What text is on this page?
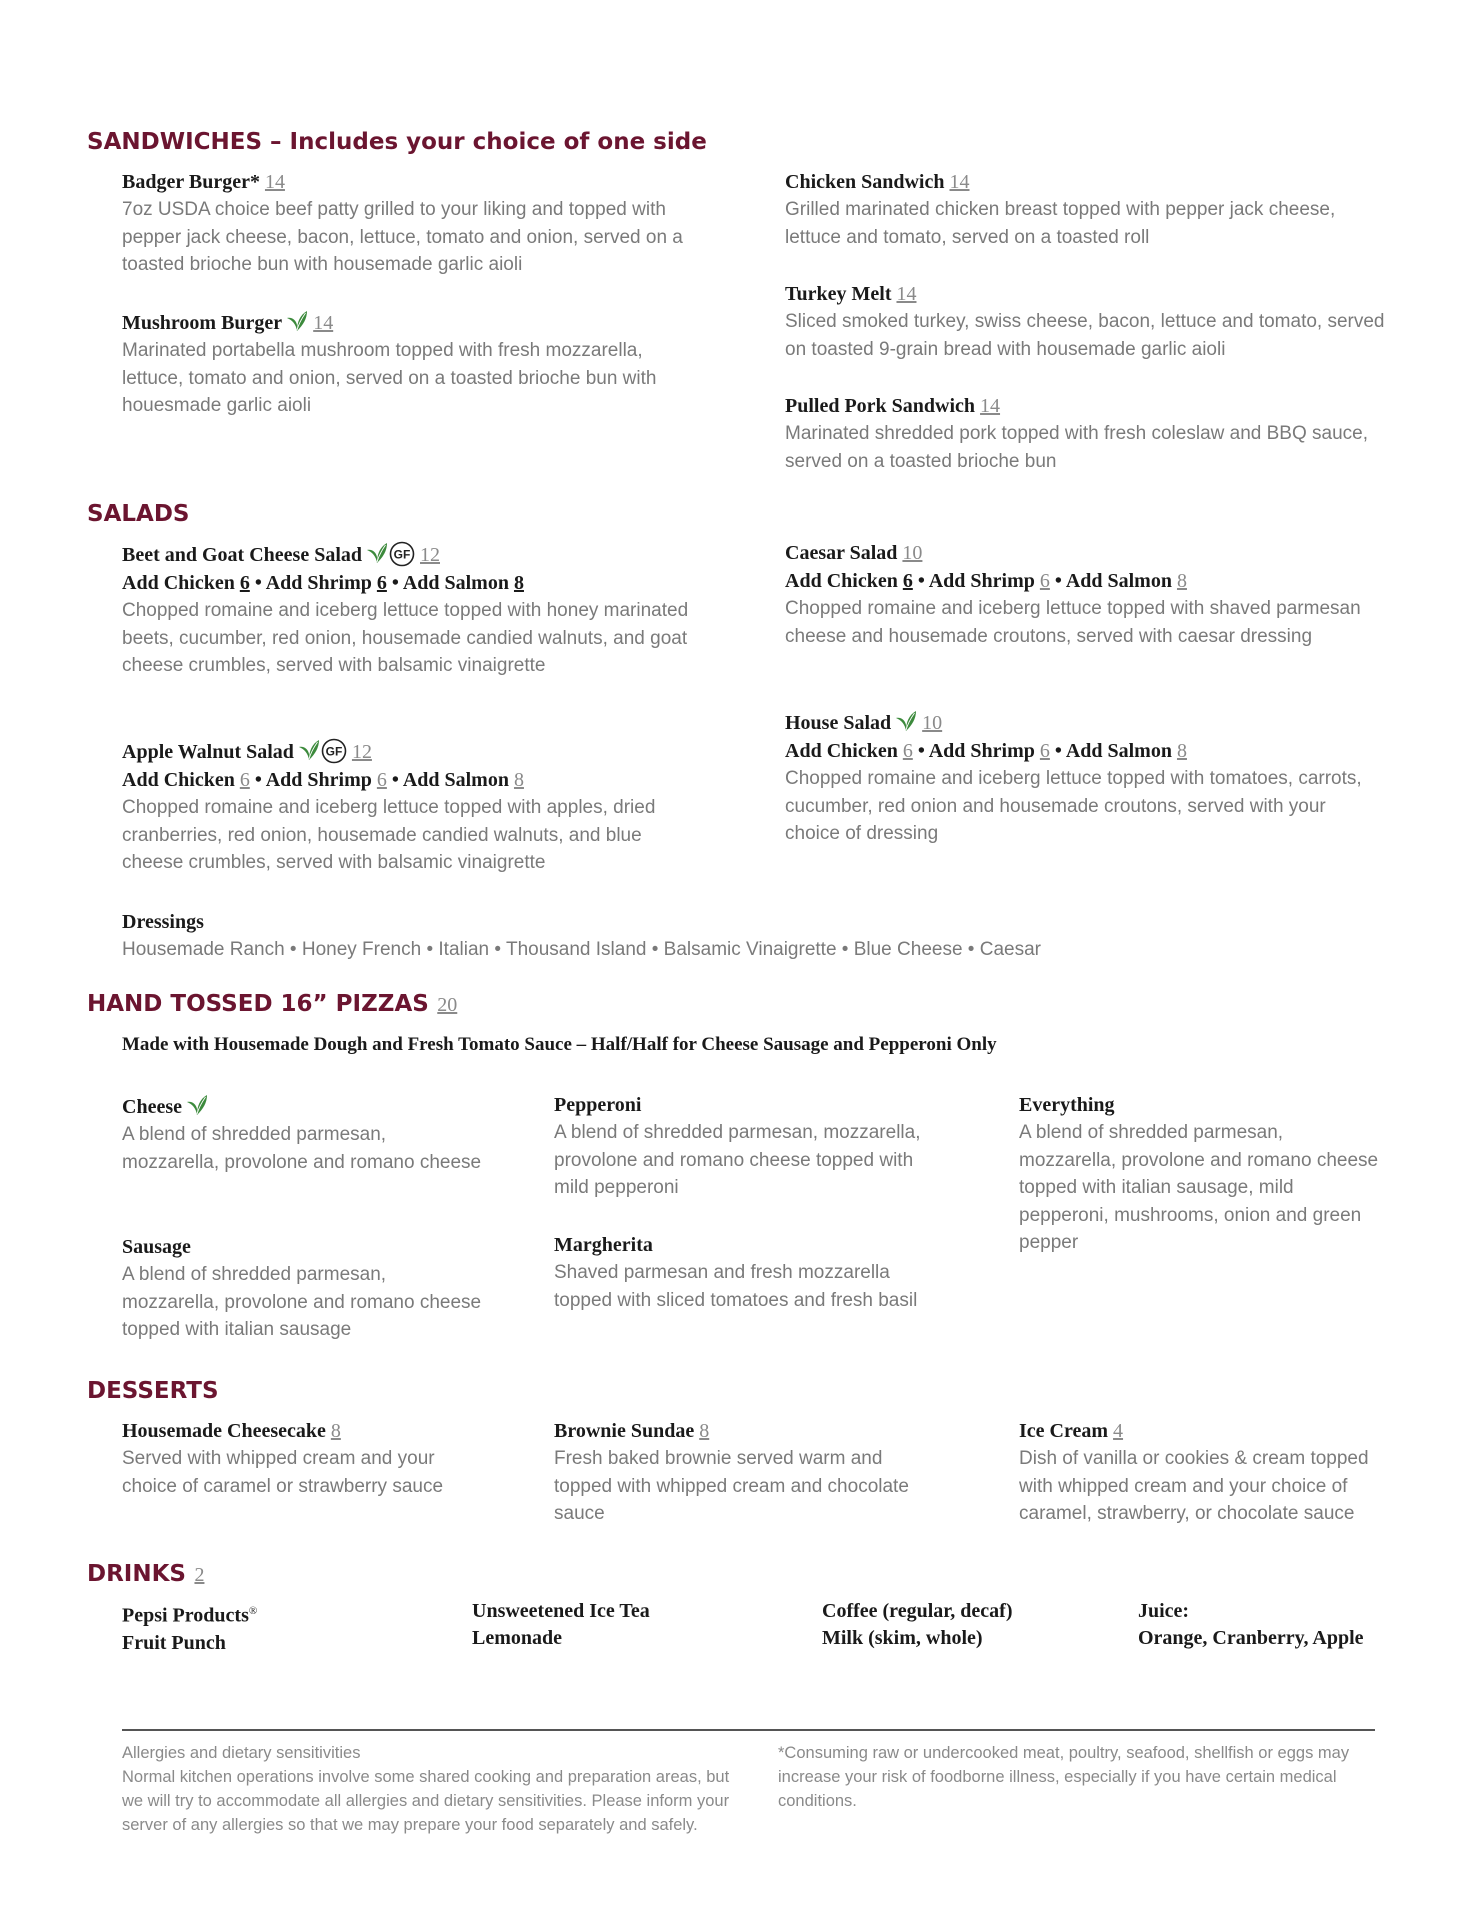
SANDWICHES – Includes your choice of one side
Badger Burger* 14

7oz USDA choice beef patty grilled to your liking and topped with pepper jack cheese, bacon, lettuce, tomato and onion, served on a toasted brioche bun with housemade garlic aioli

Mushroom Burger 14

Marinated portabella mushroom topped with fresh mozzarella, lettuce, tomato and onion, served on a toasted brioche bun with houesmade garlic aioli

Chicken Sandwich 14

Grilled marinated chicken breast topped with pepper jack cheese, lettuce and tomato, served on a toasted roll

Turkey Melt 14

Sliced smoked turkey, swiss cheese, bacon, lettuce and tomato, served on toasted 9-grain bread with housemade garlic aioli

Pulled Pork Sandwich 14

Marinated shredded pork topped with fresh coleslaw and BBQ sauce, served on a toasted brioche bun

SALADS
Beet and Goat Cheese Salad	GF 12
Add Chicken 6 • Add Shrimp 6 • Add Salmon 8

Chopped romaine and iceberg lettuce topped with honey marinated beets, cucumber, red onion, housemade candied walnuts, and goat cheese crumbles, served with balsamic vinaigrette

Apple Walnut Salad	GF 12
Add Chicken 6 • Add Shrimp 6 • Add Salmon 8

Chopped romaine and iceberg lettuce topped with apples, dried cranberries, red onion, housemade candied walnuts, and blue cheese crumbles, served with balsamic vinaigrette

Caesar Salad 10
Add Chicken 6 • Add Shrimp 6 • Add Salmon 8

Chopped romaine and iceberg lettuce topped with shaved parmesan cheese and housemade croutons, served with caesar dressing

House Salad 10
Add Chicken 6 • Add Shrimp 6 • Add Salmon 8

Chopped romaine and iceberg lettuce topped with tomatoes, carrots, cucumber, red onion and housemade croutons, served with your choice of dressing

Dressings

Housemade Ranch • Honey French • Italian • Thousand Island • Balsamic Vinaigrette • Blue Cheese • Caesar

HAND TOSSED 16” PIZZAS 20
Made with Housemade Dough and Fresh Tomato Sauce – Half/Half for Cheese Sausage and Pepperoni Only
Cheese

A blend of shredded parmesan, mozzarella, provolone and romano cheese

Sausage

A blend of shredded parmesan, mozzarella, provolone and romano cheese topped with italian sausage

Pepperoni

A blend of shredded parmesan, mozzarella, provolone and romano cheese topped with mild pepperoni

Margherita

Shaved parmesan and fresh mozzarella topped with sliced tomatoes and fresh basil

Everything

A blend of shredded parmesan, mozzarella, provolone and romano cheese topped with italian sausage, mild pepperoni, mushrooms, onion and green pepper

DESSERTS
Housemade Cheesecake 8

Served with whipped cream and your choice of caramel or strawberry sauce

Brownie Sundae 8

Fresh baked brownie served warm and topped with whipped cream and chocolate sauce

Ice Cream 4

Dish of vanilla or cookies & cream topped with whipped cream and your choice of caramel, strawberry, or chocolate sauce

DRINKS 2
Pepsi Products®
Fruit Punch
Unsweetened Ice Tea
Lemonade
Coffee (regular, decaf)
Milk (skim, whole)
Juice:
Orange, Cranberry, Apple

Allergies and dietary sensitivities

Normal kitchen operations involve some shared cooking and preparation areas, but we will try to accommodate all allergies and dietary sensitivities. Please inform your server of any allergies so that we may prepare your food separately and safely.

*Consuming raw or undercooked meat, poultry, seafood, shellfish or eggs may increase your risk of foodborne illness, especially if you have certain medical conditions.
